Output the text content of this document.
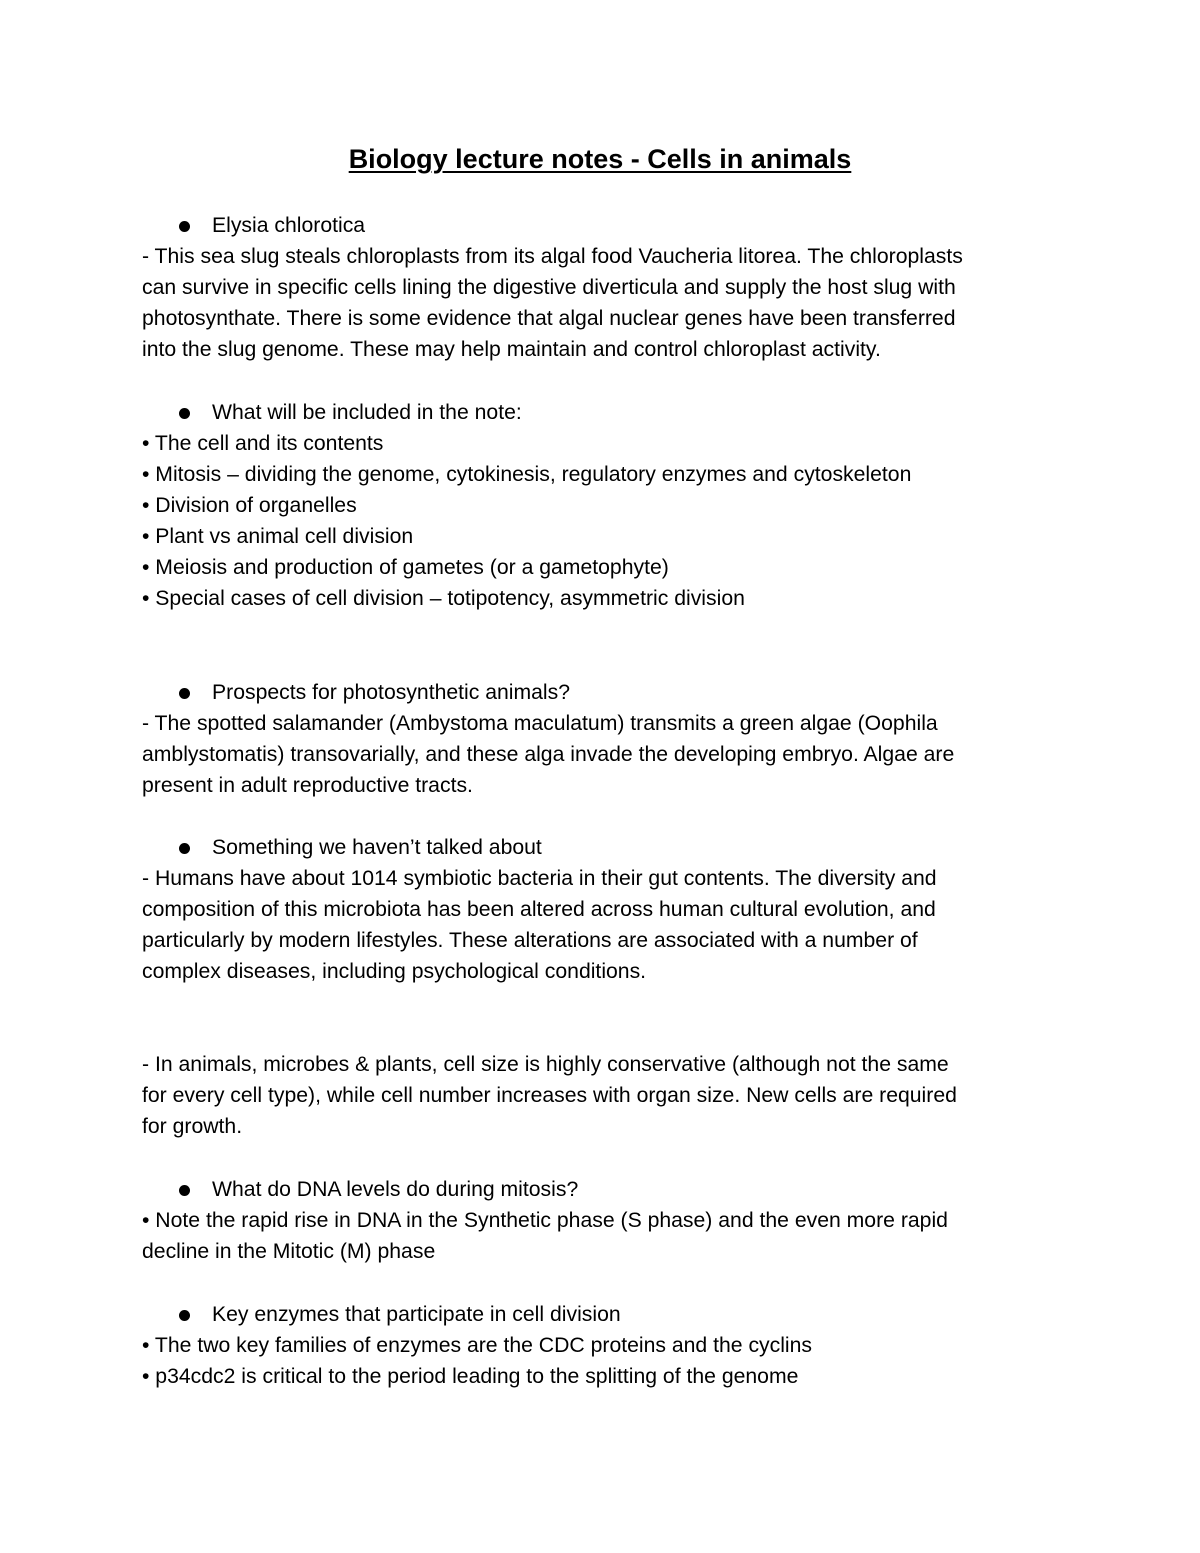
Biology lecture notes - Cells in animals
Elysia chlorotica
- This sea slug steals chloroplasts from its algal food Vaucheria litorea. The chloroplasts
can survive in specific cells lining the digestive diverticula and supply the host slug with
photosynthate. There is some evidence that algal nuclear genes have been transferred
into the slug genome. These may help maintain and control chloroplast activity.
What will be included in the note:
• The cell and its contents
• Mitosis – dividing the genome, cytokinesis, regulatory enzymes and cytoskeleton
• Division of organelles
• Plant vs animal cell division
• Meiosis and production of gametes (or a gametophyte)
• Special cases of cell division – totipotency, asymmetric division
Prospects for photosynthetic animals?
- The spotted salamander (Ambystoma maculatum) transmits a green algae (Oophila
amblystomatis) transovarially, and these alga invade the developing embryo. Algae are
present in adult reproductive tracts.
Something we haven’t talked about
- Humans have about 1014 symbiotic bacteria in their gut contents. The diversity and
composition of this microbiota has been altered across human cultural evolution, and
particularly by modern lifestyles. These alterations are associated with a number of
complex diseases, including psychological conditions.
- In animals, microbes & plants, cell size is highly conservative (although not the same
for every cell type), while cell number increases with organ size. New cells are required
for growth.
What do DNA levels do during mitosis?
• Note the rapid rise in DNA in the Synthetic phase (S phase) and the even more rapid
decline in the Mitotic (M) phase
Key enzymes that participate in cell division
• The two key families of enzymes are the CDC proteins and the cyclins
• p34cdc2 is critical to the period leading to the splitting of the genome
